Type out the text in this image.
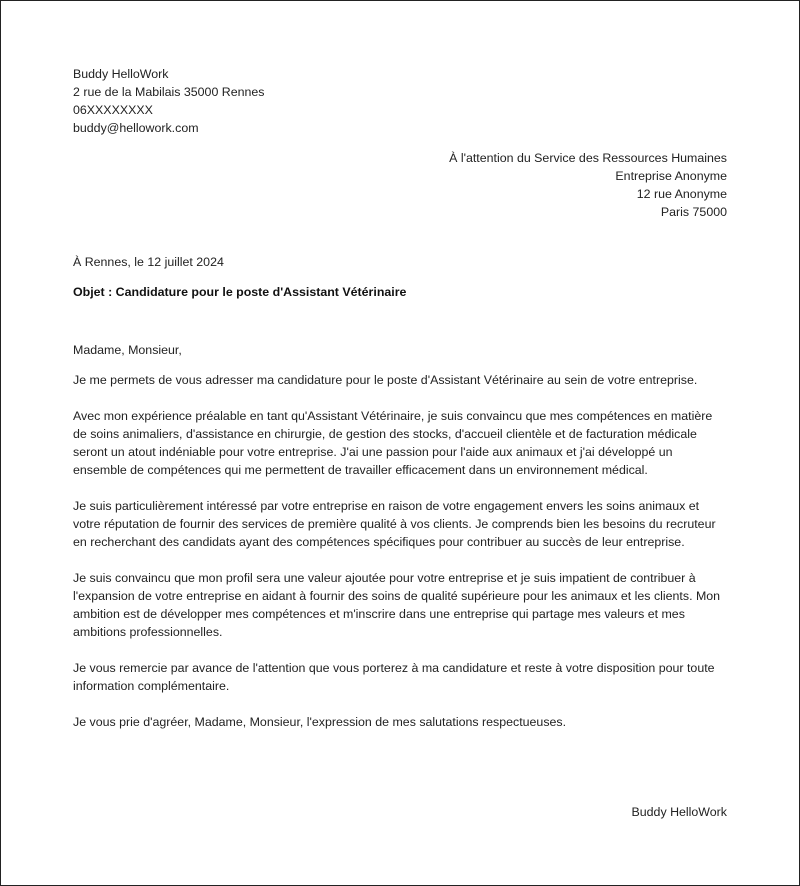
Buddy HelloWork
2 rue de la Mabilais 35000 Rennes
06XXXXXXXX
buddy@hellowork.com
À l'attention du Service des Ressources Humaines
Entreprise Anonyme
12 rue Anonyme
Paris 75000
À Rennes, le 12 juillet 2024
Objet : Candidature pour le poste d'Assistant Vétérinaire

Madame, Monsieur,

Je me permets de vous adresser ma candidature pour le poste d'Assistant Vétérinaire au sein de votre entreprise.

Avec mon expérience préalable en tant qu'Assistant Vétérinaire, je suis convaincu que mes compétences en matière de soins animaliers, d'assistance en chirurgie, de gestion des stocks, d'accueil clientèle et de facturation médicale seront un atout indéniable pour votre entreprise. J'ai une passion pour l'aide aux animaux et j'ai développé un ensemble de compétences qui me permettent de travailler efficacement dans un environnement médical.

Je suis particulièrement intéressé par votre entreprise en raison de votre engagement envers les soins animaux et votre réputation de fournir des services de première qualité à vos clients. Je comprends bien les besoins du recruteur en recherchant des candidats ayant des compétences spécifiques pour contribuer au succès de leur entreprise.

Je suis convaincu que mon profil sera une valeur ajoutée pour votre entreprise et je suis impatient de contribuer à l'expansion de votre entreprise en aidant à fournir des soins de qualité supérieure pour les animaux et les clients. Mon ambition est de développer mes compétences et m'inscrire dans une entreprise qui partage mes valeurs et mes ambitions professionnelles.

Je vous remercie par avance de l'attention que vous porterez à ma candidature et reste à votre disposition pour toute information complémentaire.

Je vous prie d'agréer, Madame, Monsieur, l'expression de mes salutations respectueuses.

Buddy HelloWork
